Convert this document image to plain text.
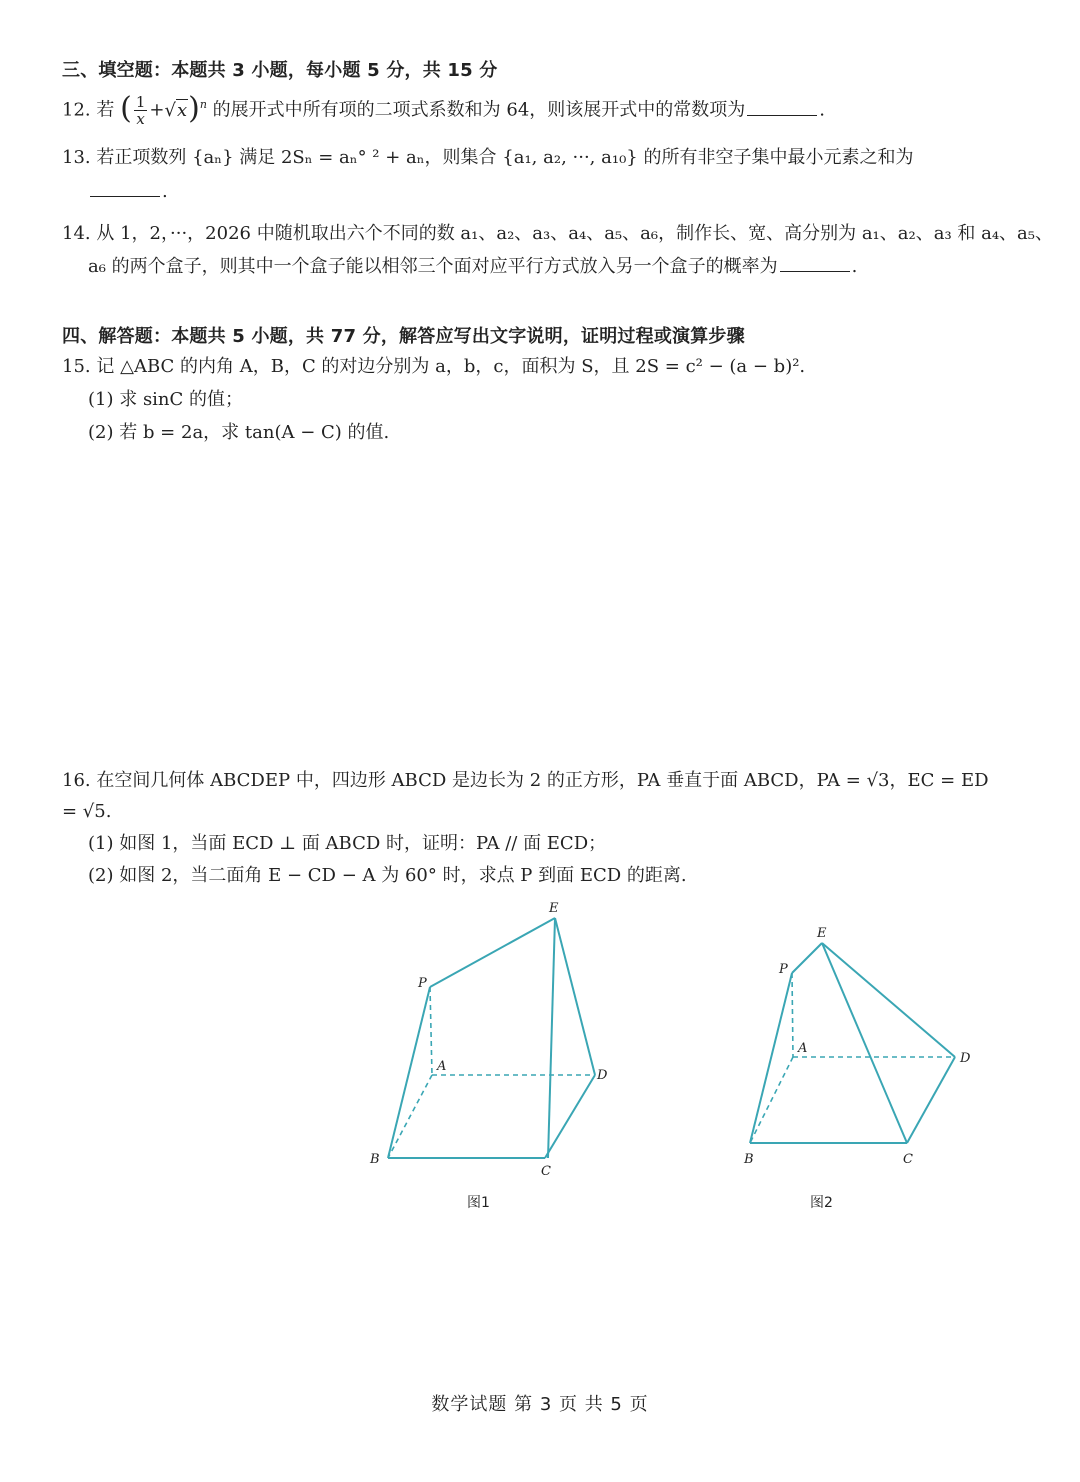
三、填空题：本题共 3 小题，每小题 5 分，共 15 分
12. 若 ( $\frac{1}{x} +√x)^n$ 的展开式中所有项的二项式系数和为 64，则该展开式中的常数项为	.
13. 若正项数列 {aₙ} 满足 2Sₙ = aₙ° ² + aₙ，则集合 {a₁, a₂, ···, a₁₀} 的所有非空子集中最小元素之和为
.
14. 从 1，2，···，2026 中随机取出六个不同的数 a₁、a₂、a₃、a₄、a₅、a₆，制作长、宽、高分别为 a₁、a₂、a₃ 和 a₄、a₅、
a₆ 的两个盒子，则其中一个盒子能以相邻三个面对应平行方式放入另一个盒子的概率为	.
四、解答题：本题共 5 小题，共 77 分，解答应写出文字说明，证明过程或演算步骤
15. 记 △ABC 的内角 A，B，C 的对边分别为 a，b，c，面积为 S，且 2S = c² − (a − b)².
(1) 求 sinC 的值；
(2) 若 b = 2a，求 tan(A − C) 的值.
16. 在空间几何体 ABCDEP 中，四边形 ABCD 是边长为 2 的正方形，PA 垂直于面 ABCD，PA = √3，EC = ED
= √5.
(1) 如图 1，当面 ECD ⊥ 面 ABCD 时，证明：PA // 面 ECD；
(2) 如图 2，当二面角 E − CD − A 为 60° 时，求点 P 到面 ECD 的距离.
E
P
A
D
B
C
图1
E
P
A
D
B	C
图2
数学试题 第 3 页 共 5 页
